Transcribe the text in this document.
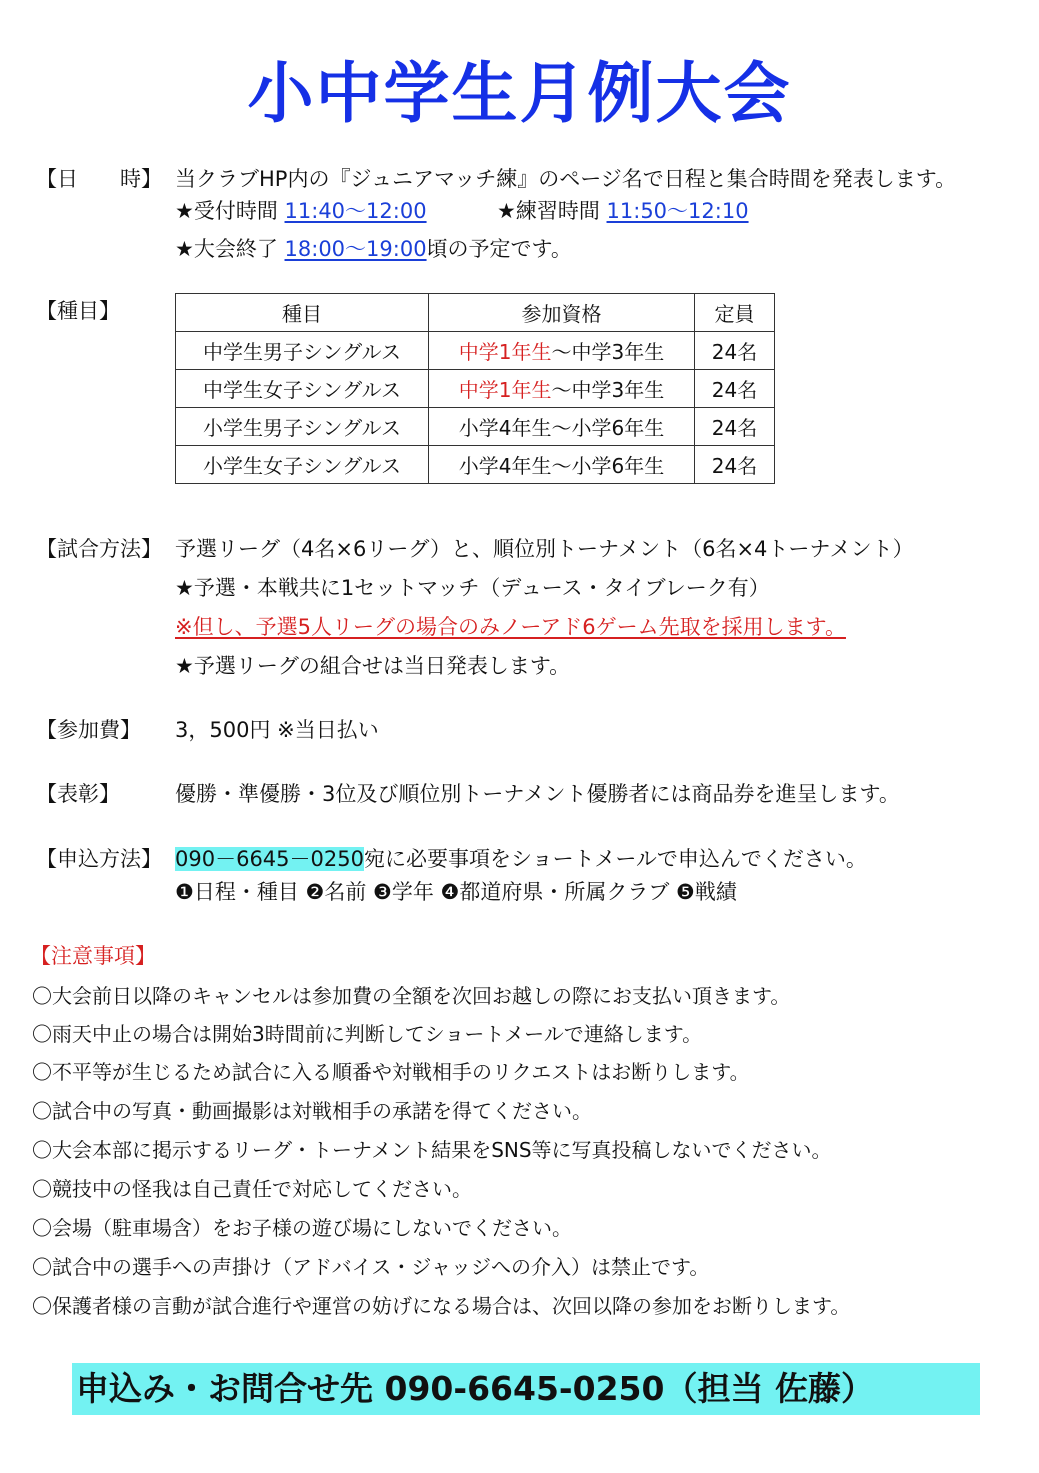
小中学生月例大会
【日　　時】 当クラブHP内の『ジュニアマッチ練』のページ名で日程と集合時間を発表します。
★受付時間 11:40～12:00	★練習時間 11:50～12:10
★大会終了 18:00～19:00頃の予定です。
【種目】	種目	参加資格	定員
中学生男子シングルス	中学1年生～中学3年生	24名
中学生女子シングルス	中学1年生～中学3年生	24名
小学生男子シングルス	小学4年生～小学6年生	24名
小学生女子シングルス	小学4年生～小学6年生	24名
【試合方法】 予選リーグ（4名×6リーグ）と、順位別トーナメント（6名×4トーナメント）
★予選・本戦共に1セットマッチ（デュース・タイブレーク有）
※但し、予選5人リーグの場合のみノーアド6ゲーム先取を採用します。
★予選リーグの組合せは当日発表します。
【参加費】 3，500円 ※当日払い
【表彰】	優勝・準優勝・3位及び順位別トーナメント優勝者には商品券を進呈します。
【申込方法】 090－6645－0250宛に必要事項をショートメールで申込んでください。
❶日程・種目 ❷名前 ❸学年 ❹都道府県・所属クラブ ❺戦績
【注意事項】
〇大会前日以降のキャンセルは参加費の全額を次回お越しの際にお支払い頂きます。
〇雨天中止の場合は開始3時間前に判断してショートメールで連絡します。
〇不平等が生じるため試合に入る順番や対戦相手のリクエストはお断りします。
〇試合中の写真・動画撮影は対戦相手の承諾を得てください。
〇大会本部に掲示するリーグ・トーナメント結果をSNS等に写真投稿しないでください。
〇競技中の怪我は自己責任で対応してください。
〇会場（駐車場含）をお子様の遊び場にしないでください。
〇試合中の選手への声掛け（アドバイス・ジャッジへの介入）は禁止です。
〇保護者様の言動が試合進行や運営の妨げになる場合は、次回以降の参加をお断りします。
申込み・お問合せ先 090-6645-0250（担当 佐藤）
